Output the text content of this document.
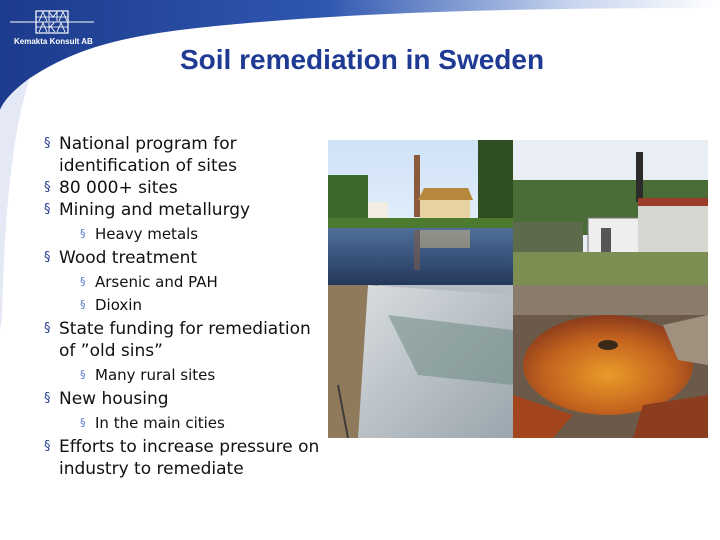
Kemakta Konsult AB
Soil remediation in Sweden
§ National program for
identification of sites
§ 80 000+ sites
§ Mining and metallurgy
§ Heavy metals
§ Wood treatment
§ Arsenic and PAH
§ Dioxin
§ State funding for remediation
of ”old sins”
§ Many rural sites
§ New housing
§ In the main cities
§ Efforts to increase pressure on
industry to remediate
